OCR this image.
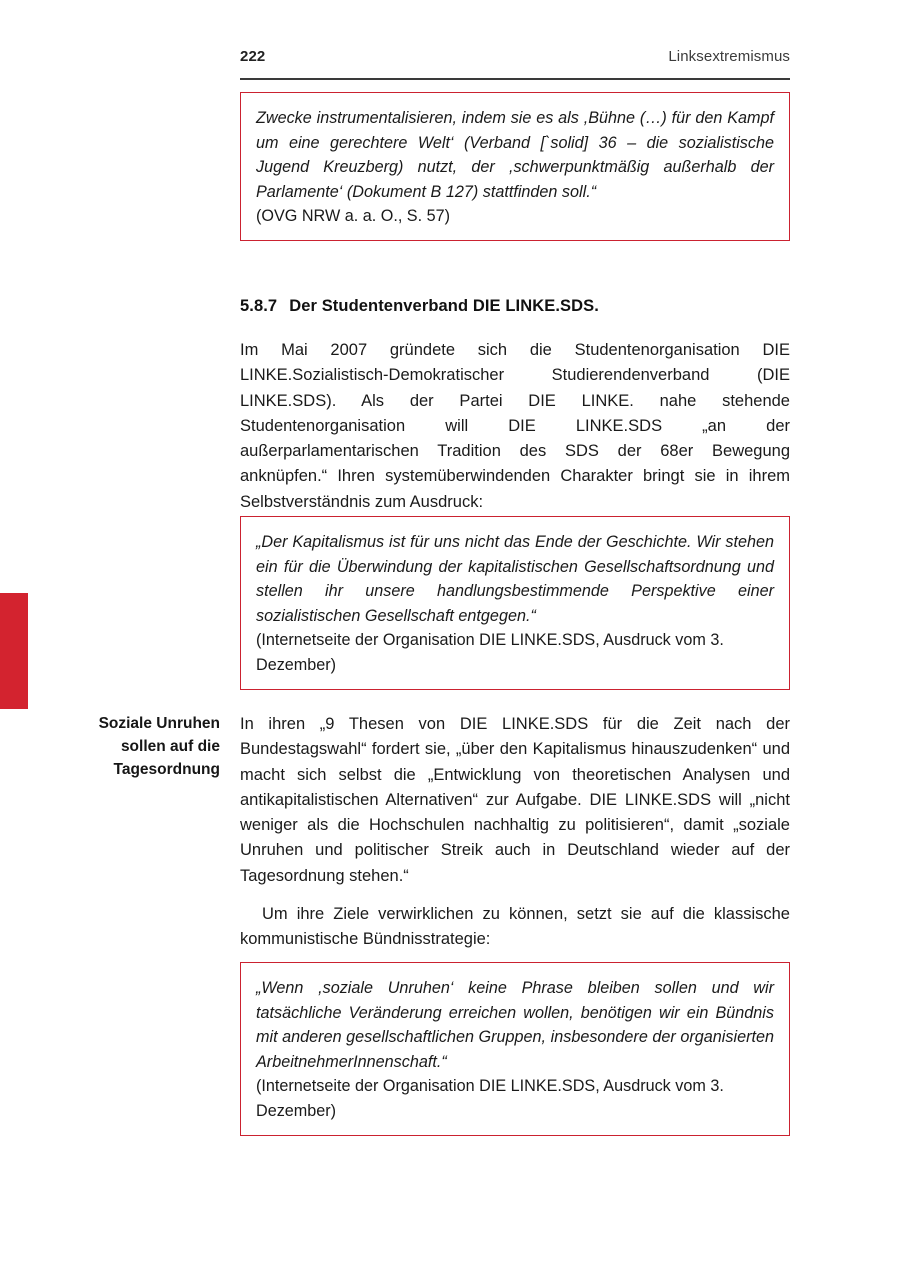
222	Linksextremismus
Soziale Unruhen sollen auf die Tagesordnung

Zwecke instrumentalisieren, indem sie es als ,Bühne (…) für den Kampf um eine gerechtere Welt‘ (Verband [`solid] 36 – die sozialistische Jugend Kreuzberg) nutzt, der ,schwerpunktmäßig außerhalb der Parlamente‘ (Dokument B 127) stattfinden soll.“

(OVG NRW a. a. O., S. 57)

5.8.7 Der Studentenverband DIE LINKE.SDS.

Im Mai 2007 gründete sich die Studentenorganisation DIE LINKE.Sozialistisch-Demokratischer Studierendenverband (DIE LINKE.SDS). Als der Partei DIE LINKE. nahe stehende Studentenorganisation will DIE LINKE.SDS „an der außerparlamentarischen Tradition des SDS der 68er Bewegung anknüpfen.“ Ihren systemüberwindenden Charakter bringt sie in ihrem Selbstverständnis zum Ausdruck:

„Der Kapitalismus ist für uns nicht das Ende der Geschichte. Wir stehen ein für die Überwindung der kapitalistischen Gesellschaftsordnung und stellen ihr unsere handlungsbestimmende Perspektive einer sozialistischen Gesellschaft entgegen.“

(Internetseite der Organisation DIE LINKE.SDS, Ausdruck vom 3. Dezember)

In ihren „9 Thesen von DIE LINKE.SDS für die Zeit nach der Bundestagswahl“ fordert sie, „über den Kapitalismus hinauszudenken“ und macht sich selbst die „Entwicklung von theoretischen Analysen und antikapitalistischen Alternativen“ zur Aufgabe. DIE LINKE.SDS will „nicht weniger als die Hochschulen nachhaltig zu politisieren“, damit „soziale Unruhen und politischer Streik auch in Deutschland wieder auf der Tagesordnung stehen.“

Um ihre Ziele verwirklichen zu können, setzt sie auf die klassische kommunistische Bündnisstrategie:

„Wenn ,soziale Unruhen‘ keine Phrase bleiben sollen und wir tatsächliche Veränderung erreichen wollen, benötigen wir ein Bündnis mit anderen gesellschaftlichen Gruppen, insbesondere der organisierten ArbeitnehmerInnenschaft.“

(Internetseite der Organisation DIE LINKE.SDS, Ausdruck vom 3. Dezember)
